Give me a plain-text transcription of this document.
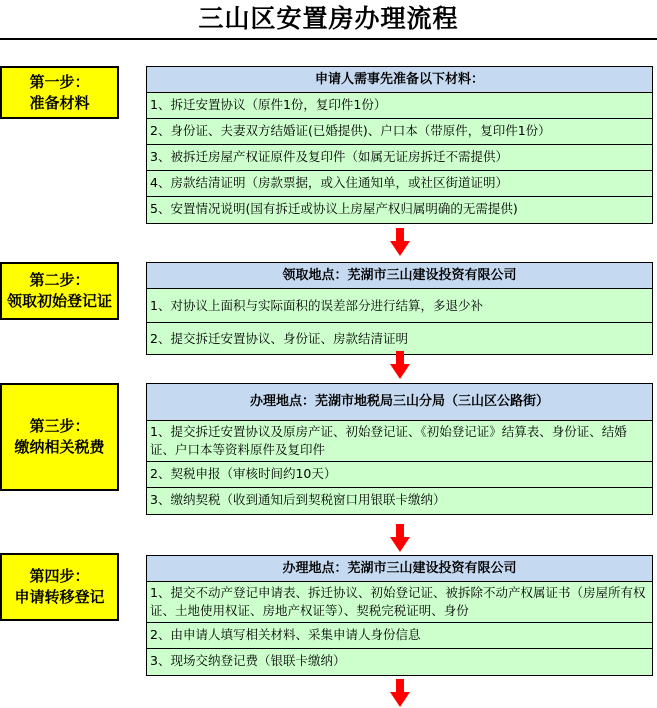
三山区安置房办理流程
第一步：
准备材料
申请人需事先准备以下材料：
1、拆迁安置协议（原件1份，复印件1份）
2、身份证、夫妻双方结婚证(已婚提供)、户口本（带原件，复印件1份）
3、被拆迁房屋产权证原件及复印件（如属无证房拆迁不需提供）
4、房款结清证明（房款票据，或入住通知单，或社区街道证明）
5、安置情况说明(国有拆迁或协议上房屋产权归属明确的无需提供)
第二步：
领取初始登记证
领取地点：芜湖市三山建设投资有限公司
1、对协议上面积与实际面积的误差部分进行结算，多退少补
2、提交拆迁安置协议、身份证、房款结清证明
第三步：
缴纳相关税费
办理地点：芜湖市地税局三山分局（三山区公路街）
1、提交拆迁安置协议及原房产证、初始登记证、《初始登记证》结算表、身份证、结婚证、户口本等资料原件及复印件
2、契税申报（审核时间约10天）
3、缴纳契税（收到通知后到契税窗口用银联卡缴纳）
第四步：
申请转移登记
办理地点：芜湖市三山建设投资有限公司
1、提交不动产登记申请表、拆迁协议、初始登记证、被拆除不动产权属证书（房屋所有权证、土地使用权证、房地产权证等）、契税完税证明、身份
2、由申请人填写相关材料、采集申请人身份信息
3、现场交纳登记费（银联卡缴纳）
